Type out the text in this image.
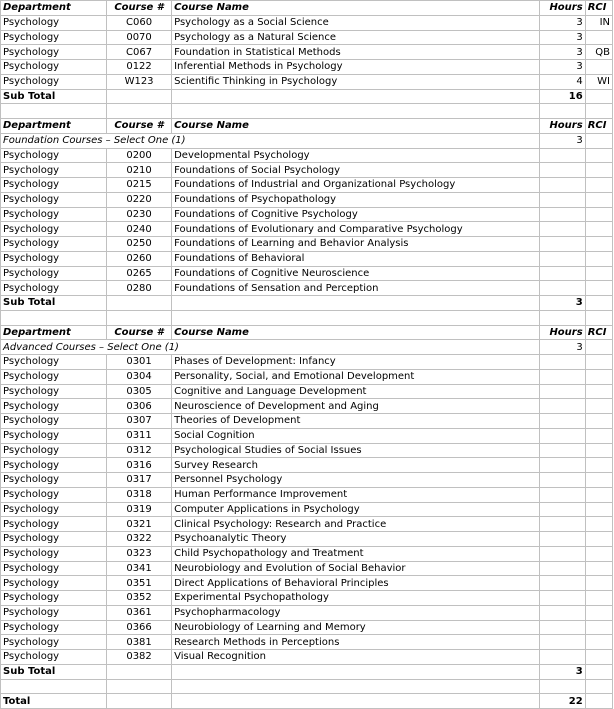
Department	Course #	Course Name	Hours	RCI
Psychology	C060	Psychology as a Social Science	3	IN
Psychology	0070	Psychology as a Natural Science	3	
Psychology	C067	Foundation in Statistical Methods	3	QB
Psychology	0122	Inferential Methods in Psychology	3	
Psychology	W123	Scientific Thinking in Psychology	4	WI
Sub Total			16	

Department	Course #	Course Name	Hours	RCI
Foundation Courses – Select One (1)			3	
Psychology	0200	Developmental Psychology		
Psychology	0210	Foundations of Social Psychology		
Psychology	0215	Foundations of Industrial and Organizational Psychology		
Psychology	0220	Foundations of Psychopathology		
Psychology	0230	Foundations of Cognitive Psychology		
Psychology	0240	Foundations of Evolutionary and Comparative Psychology		
Psychology	0250	Foundations of Learning and Behavior Analysis		
Psychology	0260	Foundations of Behavioral		
Psychology	0265	Foundations of Cognitive Neuroscience		
Psychology	0280	Foundations of Sensation and Perception		
Sub Total			3	

Department	Course #	Course Name	Hours	RCI
Advanced Courses – Select One (1)			3	
Psychology	0301	Phases of Development: Infancy		
Psychology	0304	Personality, Social, and Emotional Development		
Psychology	0305	Cognitive and Language Development		
Psychology	0306	Neuroscience of Development and Aging		
Psychology	0307	Theories of Development		
Psychology	0311	Social Cognition		
Psychology	0312	Psychological Studies of Social Issues		
Psychology	0316	Survey Research		
Psychology	0317	Personnel Psychology		
Psychology	0318	Human Performance Improvement		
Psychology	0319	Computer Applications in Psychology		
Psychology	0321	Clinical Psychology: Research and Practice		
Psychology	0322	Psychoanalytic Theory		
Psychology	0323	Child Psychopathology and Treatment		
Psychology	0341	Neurobiology and Evolution of Social Behavior		
Psychology	0351	Direct Applications of Behavioral Principles		
Psychology	0352	Experimental Psychopathology		
Psychology	0361	Psychopharmacology		
Psychology	0366	Neurobiology of Learning and Memory		
Psychology	0381	Research Methods in Perceptions		
Psychology	0382	Visual Recognition		
Sub Total			3	

Total			22	
